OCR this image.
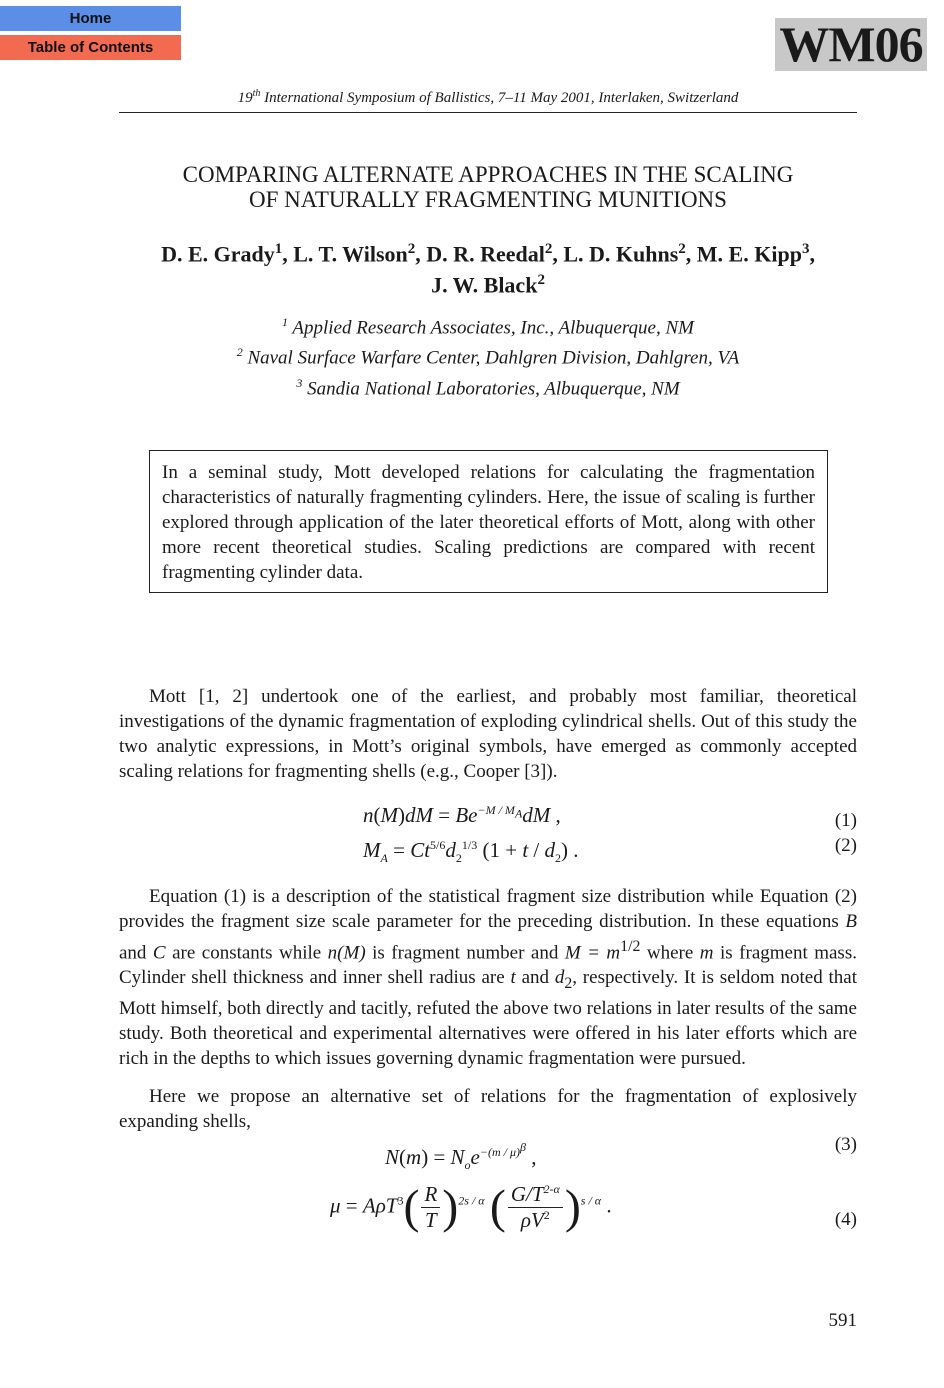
Home
Table of Contents	WM06
19th International Symposium of Ballistics, 7–11 May 2001, Interlaken, Switzerland
COMPARING ALTERNATE APPROACHES IN THE SCALING
OF NATURALLY FRAGMENTING MUNITIONS
D. E. Grady$^1$, L. T. Wilson$^2$, D. R. Reedal$^2$, L. D. Kuhns$^2$, M. E. Kipp$^3$,
J. W. Black$^2$
$^1$ Applied Research Associates, Inc., Albuquerque, NM
$^2$ Naval Surface Warfare Center, Dahlgren Division, Dahlgren, VA
$^3$ Sandia National Laboratories, Albuquerque, NM
In a seminal study, Mott developed relations for calculating the fragmentation characteristics of naturally fragmenting cylinders. Here, the issue of scaling is further explored through application of the later theoretical efforts of Mott, along with other more recent theoretical studies. Scaling predictions are compared with recent fragmenting cylinder data.

Mott [1, 2] undertook one of the earliest, and probably most familiar, theoretical investigations of the dynamic fragmentation of exploding cylindrical shells. Out of this study the two analytic expressions, in Mott’s original symbols, have emerged as commonly accepted scaling relations for fragmenting shells (e.g., Cooper [3]).

$n(M)dM = Be^{-M / M_A}dM$ ,	(1)
$M_A = Ct^{5/6}d_2^{1/3}$ $(1 + t / d_2)$ .	(2)

Equation (1) is a description of the statistical fragment size distribution while Equation (2) provides the fragment size scale parameter for the preceding distribution. In these equations B and C are constants while n(M) is fragment number and $M = m^{1/2}$ where m is fragment mass. Cylinder shell thickness and inner shell radius are t and $d_2$, respectively. It is seldom noted that Mott himself, both directly and tacitly, refuted the above two relations in later results of the same study. Both theoretical and experimental alternatives were offered in his later efforts which are rich in the depths to which issues governing dynamic fragmentation were pursued.

Here we propose an alternative set of relations for the fragmentation of explosively expanding shells,

$N(m) = N_oe^{-(m / \mu)^\beta}$ ,
(3)
$\mu = A\rho T^3( \frac{R}{T} )^{2s / \alpha}$ ( $\frac{G/T^{2-\alpha}}{\rho V^2} )^{s / \alpha}$ .
(4)
591
